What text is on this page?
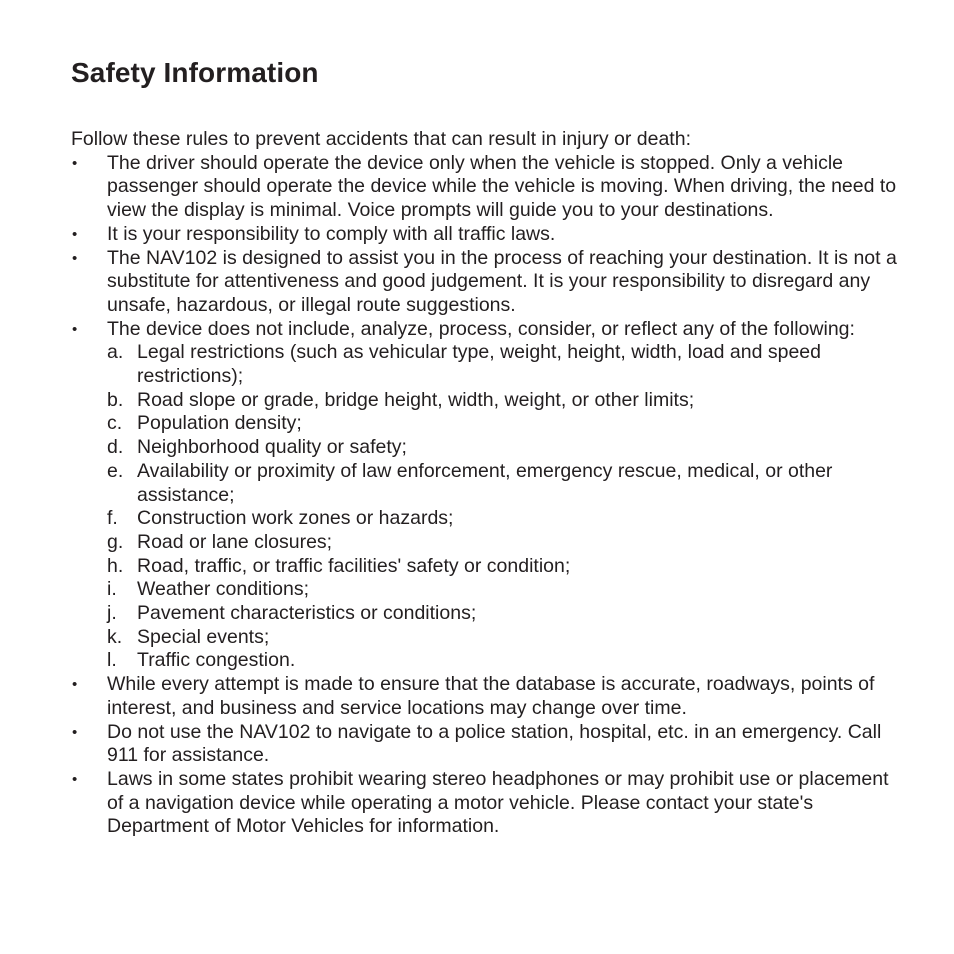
Safety Information

Follow these rules to prevent accidents that can result in injury or death:

• The driver should operate the device only when the vehicle is stopped. Only a vehicle passenger should operate the device while the vehicle is moving. When driving, the need to view the display is minimal. Voice prompts will guide you to your destinations.
• It is your responsibility to comply with all traffic laws.
• The NAV102 is designed to assist you in the process of reaching your destination. It is not a substitute for attentiveness and good judgement. It is your responsibility to disregard any unsafe, hazardous, or illegal route suggestions.
• The device does not include, analyze, process, consider, or reflect any of the following:
a. Legal restrictions (such as vehicular type, weight, height, width, load and speed restrictions);
b. Road slope or grade, bridge height, width, weight, or other limits;
c. Population density;
d. Neighborhood quality or safety;
e. Availability or proximity of law enforcement, emergency rescue, medical, or other assistance;
f. Construction work zones or hazards;
g. Road or lane closures;
h. Road, traffic, or traffic facilities' safety or condition;
i. Weather conditions;
j. Pavement characteristics or conditions;
k. Special events;
l. Traffic congestion.
• While every attempt is made to ensure that the database is accurate, roadways, points of interest, and business and service locations may change over time.
• Do not use the NAV102 to navigate to a police station, hospital, etc. in an emergency. Call 911 for assistance.
• Laws in some states prohibit wearing stereo headphones or may prohibit use or placement of a navigation device while operating a motor vehicle. Please contact your state's Department of Motor Vehicles for information.
